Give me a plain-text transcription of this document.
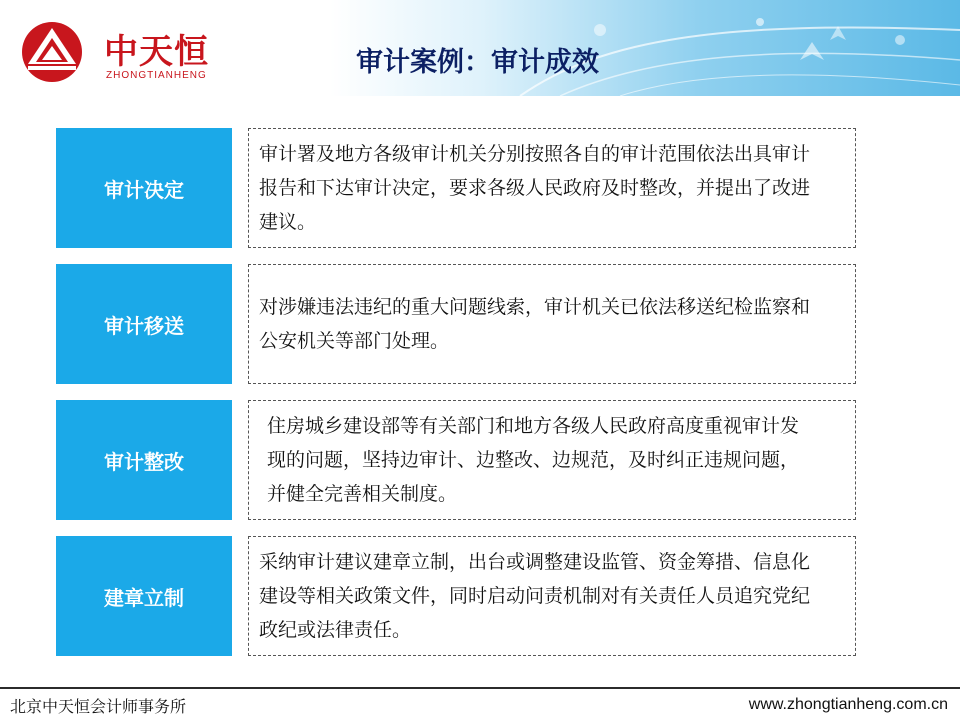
中天恒
ZHONGTIANHENG	审计案例：审计成效
审计决定
审计署及地方各级审计机关分别按照各自的审计范围依法出具审计报告和下达审计决定，要求各级人民政府及时整改，并提出了改进建议。
审计移送
对涉嫌违法违纪的重大问题线索，审计机关已依法移送纪检监察和公安机关等部门处理。
审计整改
住房城乡建设部等有关部门和地方各级人民政府高度重视审计发现的问题，坚持边审计、边整改、边规范，及时纠正违规问题，并健全完善相关制度。
建章立制
采纳审计建议建章立制，出台或调整建设监管、资金筹措、信息化建设等相关政策文件，同时启动问责机制对有关责任人员追究党纪政纪或法律责任。
北京中天恒会计师事务所	www.zhongtianheng.com.cn
